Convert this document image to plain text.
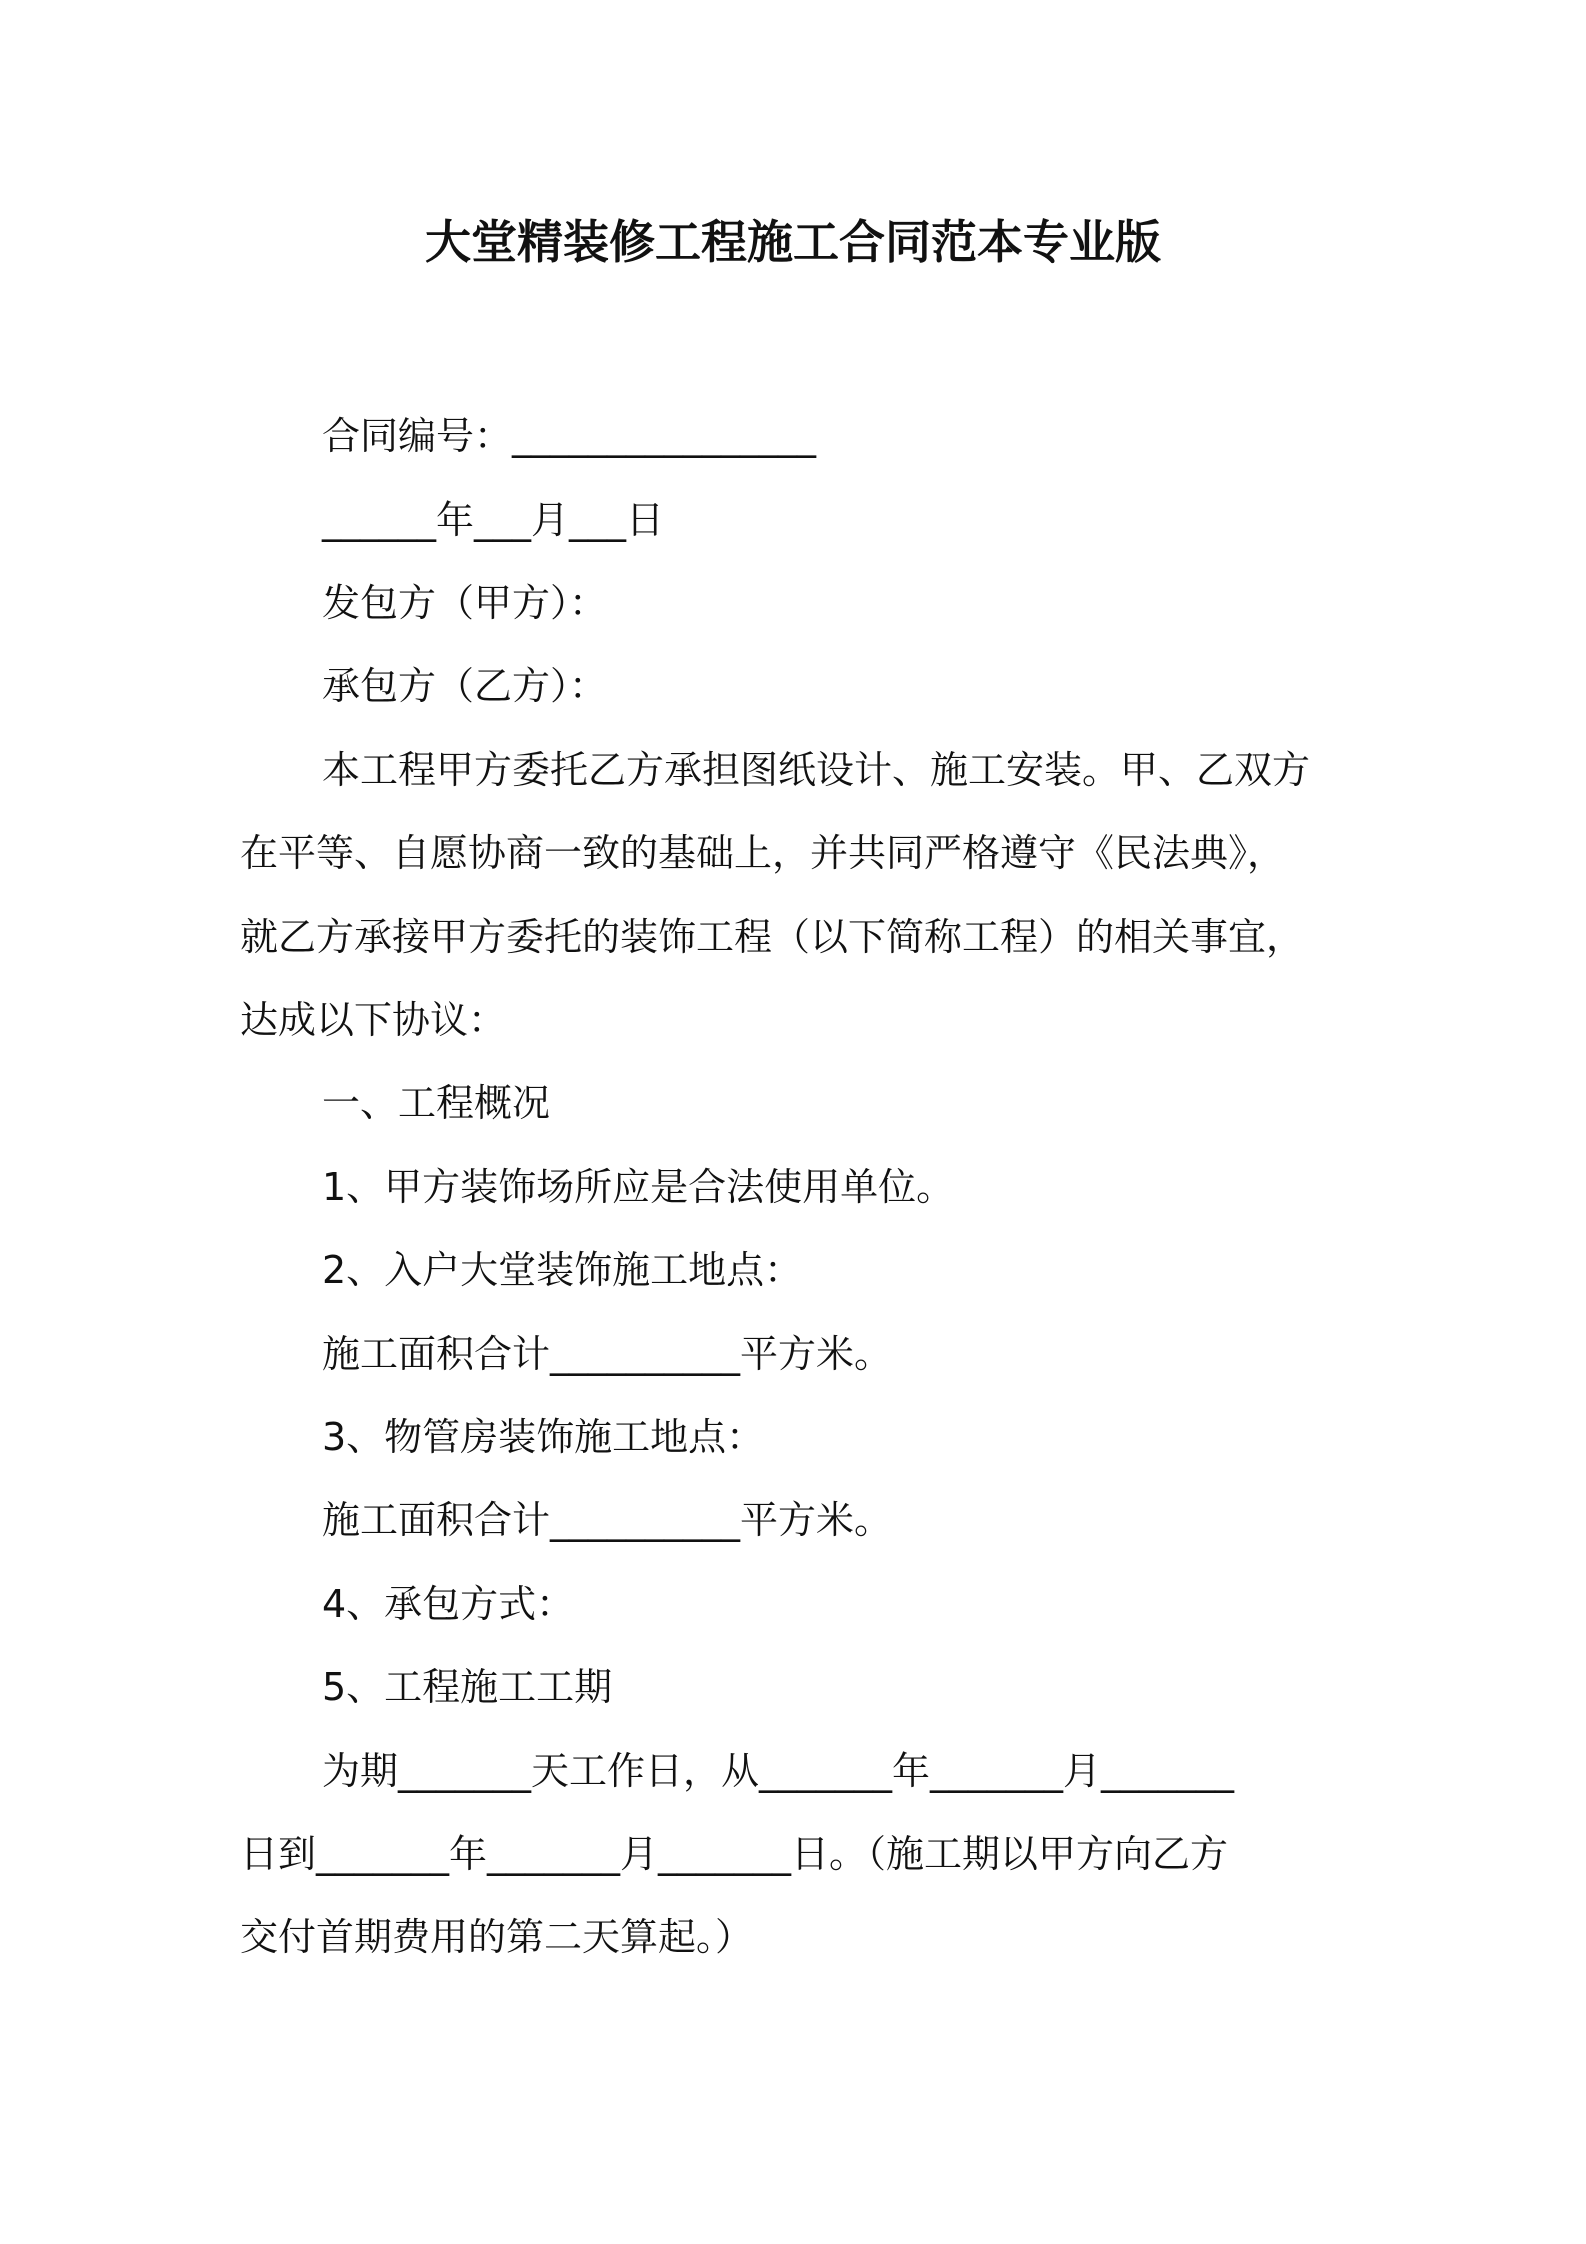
大堂精装修工程施工合同范本专业版

合同编号：________________

______年___月___日

发包方（甲方）：

承包方（乙方）：

本工程甲方委托乙方承担图纸设计、施工安装。甲、乙双方

在平等、自愿协商一致的基础上，并共同严格遵守《民法典》，

就乙方承接甲方委托的装饰工程（以下简称工程）的相关事宜，

达成以下协议：

一、工程概况

1、甲方装饰场所应是合法使用单位。

2、入户大堂装饰施工地点：

施工面积合计__________平方米。

3、物管房装饰施工地点：

施工面积合计__________平方米。

4、承包方式：

5、工程施工工期

为期_______天工作日，从_______年_______月_______

日到_______年_______月_______日。（施工期以甲方向乙方

交付首期费用的第二天算起。）
